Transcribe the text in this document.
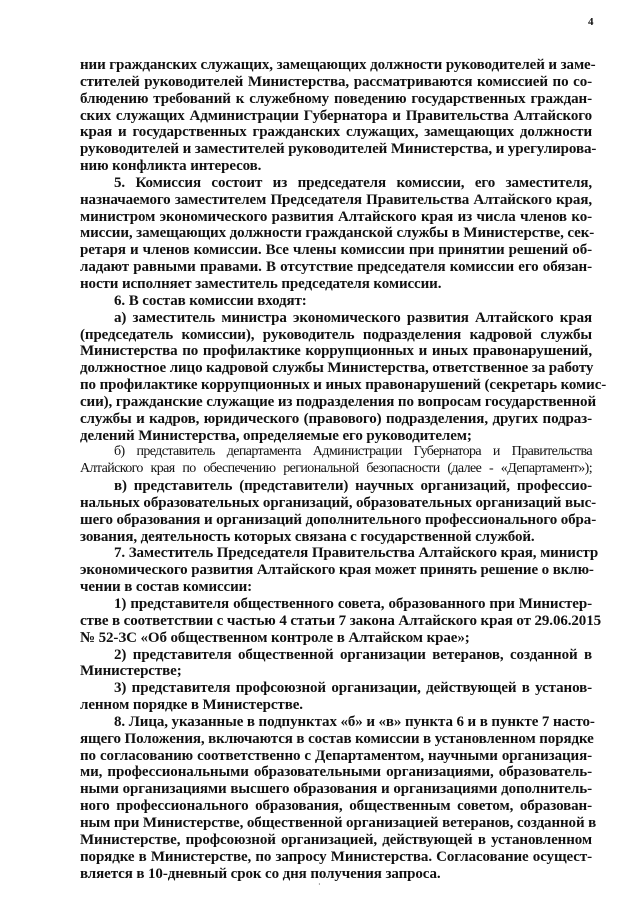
4
нии гражданских служащих, замещающих должности руководителей и заме-
стителей руководителей Министерства, рассматриваются комиссией по со-
блюдению требований к служебному поведению государственных граждан-
ских служащих Администрации Губернатора и Правительства Алтайского
края и государственных гражданских служащих, замещающих должности
руководителей и заместителей руководителей Министерства, и урегулирова-
нию конфликта интересов.
5. Комиссия состоит из председателя комиссии, его заместителя,
назначаемого заместителем Председателя Правительства Алтайского края,
министром экономического развития Алтайского края из числа членов ко-
миссии, замещающих должности гражданской службы в Министерстве, сек-
ретаря и членов комиссии. Все члены комиссии при принятии решений об-
ладают равными правами. В отсутствие председателя комиссии его обязан-
ности исполняет заместитель председателя комиссии.
6. В состав комиссии входят:
а) заместитель министра экономического развития Алтайского края
(председатель комиссии), руководитель подразделения кадровой службы
Министерства по профилактике коррупционных и иных правонарушений,
должностное лицо кадровой службы Министерства, ответственное за работу
по профилактике коррупционных и иных правонарушений (секретарь комис-
сии), гражданские служащие из подразделения по вопросам государственной
службы и кадров, юридического (правового) подразделения, других подраз-
делений Министерства, определяемые его руководителем;
б) представитель департамента Администрации Губернатора и Правительства
Алтайского края по обеспечению региональной безопасности (далее - «Департамент»);
в) представитель (представители) научных организаций, профессио-
нальных образовательных организаций, образовательных организаций выс-
шего образования и организаций дополнительного профессионального обра-
зования, деятельность которых связана с государственной службой.
7. Заместитель Председателя Правительства Алтайского края, министр
экономического развития Алтайского края может принять решение о вклю-
чении в состав комиссии:
1) представителя общественного совета, образованного при Министер-
стве в соответствии с частью 4 статьи 7 закона Алтайского края от 29.06.2015
№ 52-ЗС «Об общественном контроле в Алтайском крае»;
2) представителя общественной организации ветеранов, созданной в
Министерстве;
3) представителя профсоюзной организации, действующей в установ-
ленном порядке в Министерстве.
8. Лица, указанные в подпунктах «б» и «в» пункта 6 и в пункте 7 насто-
ящего Положения, включаются в состав комиссии в установленном порядке
по согласованию соответственно с Департаментом, научными организация-
ми, профессиональными образовательными организациями, образователь-
ными организациями высшего образования и организациями дополнитель-
ного профессионального образования, общественным советом, образован-
ным при Министерстве, общественной организацией ветеранов, созданной в
Министерстве, профсоюзной организацией, действующей в установленном
порядке в Министерстве, по запросу Министерства. Согласование осущест-
вляется в 10-дневный срок со дня получения запроса.
·
